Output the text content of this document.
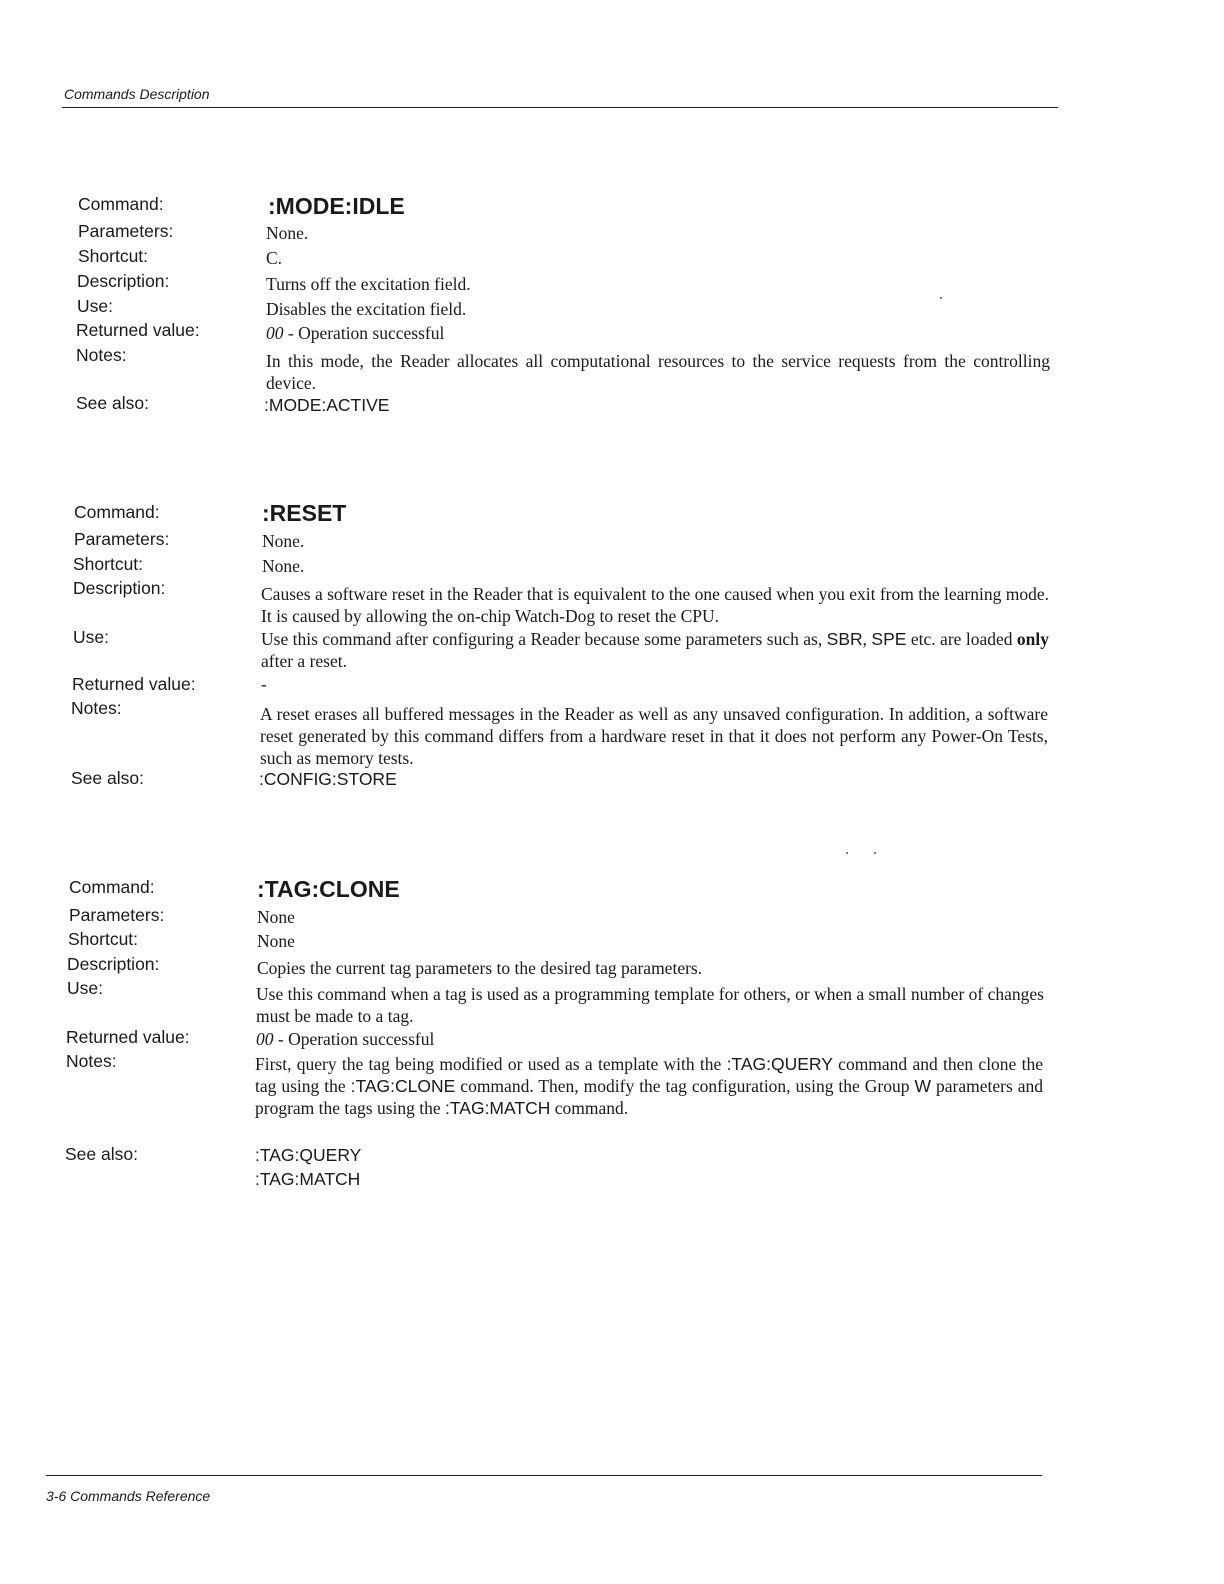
Commands Description
Command:	:MODE:IDLE
Parameters:	None.
Shortcut:	C.
Description:	Turns off the excitation field.
Use:	Disables the excitation field.
Returned value:	00 - Operation successful
Notes:	In this mode, the Reader allocates all computational resources to the service requests from the controlling device.
See also:	:MODE:ACTIVE
Command:	:RESET
Parameters:	None.
Shortcut:	None.
Description:	Causes a software reset in the Reader that is equivalent to the one caused when you exit from the learning mode. It is caused by allowing the on-chip Watch-Dog to reset the CPU.
Use:	Use this command after configuring a Reader because some parameters such as, SBR, SPE etc. are loaded only after a reset.
Returned value:	-
Notes:	A reset erases all buffered messages in the Reader as well as any unsaved configuration. In addition, a software reset generated by this command differs from a hardware reset in that it does not perform any Power-On Tests, such as memory tests.
See also:	:CONFIG:STORE
Command:	:TAG:CLONE
Parameters:	None
Shortcut:	None
Description:	Copies the current tag parameters to the desired tag parameters.
Use:	Use this command when a tag is used as a programming template for others, or when a small number of changes must be made to a tag.
Returned value:	00 - Operation successful
Notes:	First, query the tag being modified or used as a template with the :TAG:QUERY command and then clone the tag using the :TAG:CLONE command. Then, modify the tag configuration, using the Group W parameters and program the tags using the :TAG:MATCH command.
See also:	:TAG:QUERY
:TAG:MATCH
3-6 Commands Reference
